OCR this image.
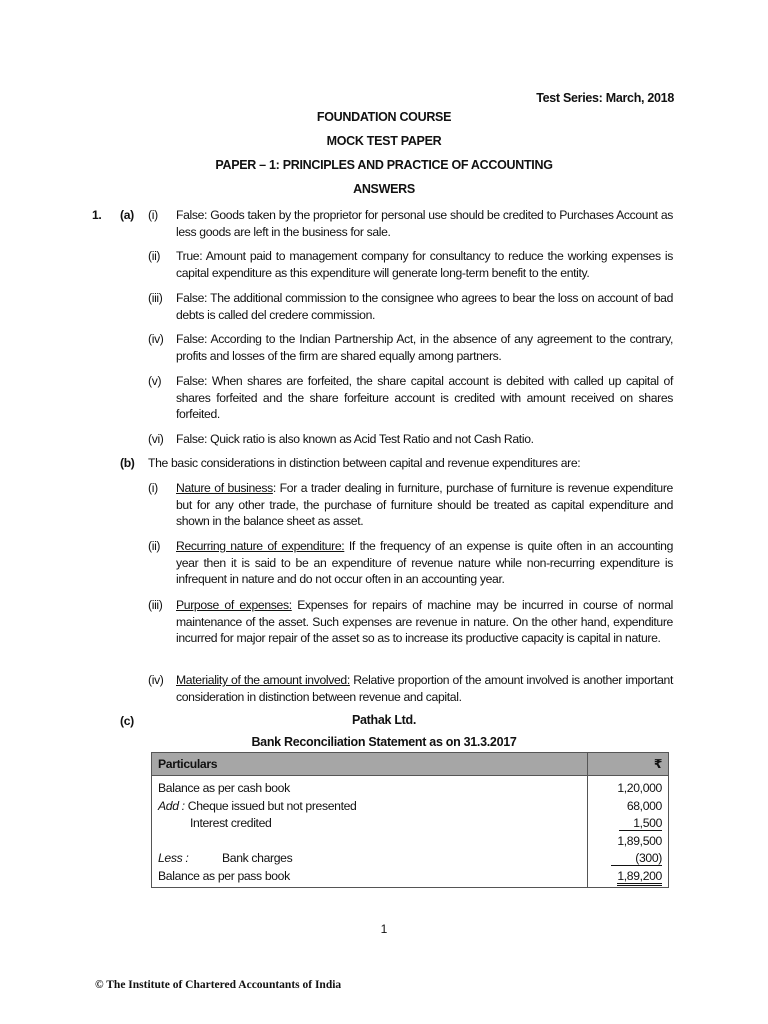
Test Series: March, 2018
FOUNDATION COURSE
MOCK TEST PAPER
PAPER – 1: PRINCIPLES AND PRACTICE OF ACCOUNTING
ANSWERS
1. (a) (i) False: Goods taken by the proprietor for personal use should be credited to Purchases Account as less goods are left in the business for sale.
(ii) True: Amount paid to management company for consultancy to reduce the working expenses is capital expenditure as this expenditure will generate long-term benefit to the entity.
(iii) False: The additional commission to the consignee who agrees to bear the loss on account of bad debts is called del credere commission.
(iv) False: According to the Indian Partnership Act, in the absence of any agreement to the contrary, profits and losses of the firm are shared equally among partners.
(v) False: When shares are forfeited, the share capital account is debited with called up capital of shares forfeited and the share forfeiture account is credited with amount received on shares forfeited.
(vi) False: Quick ratio is also known as Acid Test Ratio and not Cash Ratio.
(b) The basic considerations in distinction between capital and revenue expenditures are:
(i) Nature of business: For a trader dealing in furniture, purchase of furniture is revenue expenditure but for any other trade, the purchase of furniture should be treated as capital expenditure and shown in the balance sheet as asset.
(ii) Recurring nature of expenditure: If the frequency of an expense is quite often in an accounting year then it is said to be an expenditure of revenue nature while non-recurring expenditure is infrequent in nature and do not occur often in an accounting year.
(iii) Purpose of expenses: Expenses for repairs of machine may be incurred in course of normal maintenance of the asset. Such expenses are revenue in nature. On the other hand, expenditure incurred for major repair of the asset so as to increase its productive capacity is capital in nature.
(iv) Materiality of the amount involved: Relative proportion of the amount involved is another important consideration in distinction between revenue and capital.
(c)	Pathak Ltd.
Bank Reconciliation Statement as on 31.3.2017
Particulars	₹
Balance as per cash book	1,20,000
Add : Cheque issued but not presented	68,000
Interest credited	1,500
	1,89,500
Less : Bank charges	(300)
Balance as per pass book	1,89,200
1
© The Institute of Chartered Accountants of India
